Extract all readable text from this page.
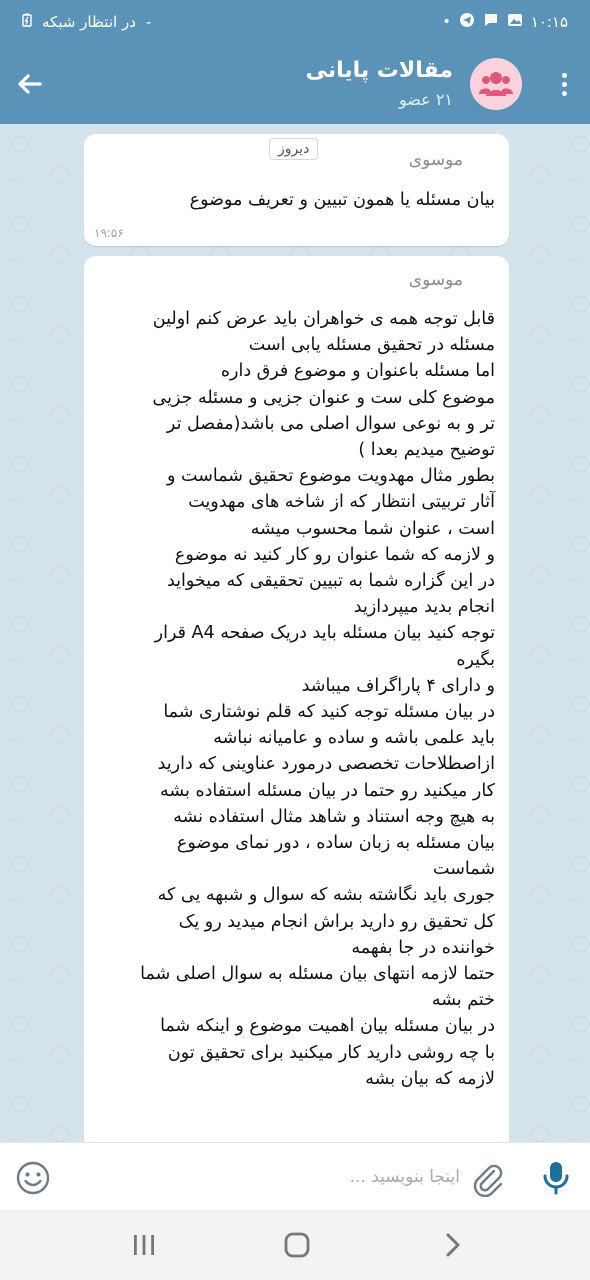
در انتظار شبکه -	۱۰:۱۵
•
مقالات پایانی
۲۱ عضو
دیروز
موسوی
بیان مسئله یا همون تبیین و تعریف موضوع
۱۹:۵۶
موسوی
قابل توجه همه ی خواهران باید عرض کنم اولین
مسئله در تحقیق مسئله یابی است
اما مسئله باعنوان و موضوع فرق داره
موضوع کلی ست و عنوان جزیی و مسئله جزیی
تر و به نوعی سوال اصلی می باشد(مفصل تر
توضیح میدیم بعدا )
بطور مثال مهدویت موضوع تحقیق شماست و
آثار تربیتی انتظار که از شاخه های مهدویت
است ، عنوان شما محسوب میشه
و لازمه که شما عنوان رو کار کنید نه موضوع
در این گزاره شما به تبیین تحقیقی که میخواید
انجام بدید میپردازید
توجه کنید بیان مسئله باید دریک صفحه A4 قرار
بگیره
و دارای ۴ پاراگراف میباشد
در بیان مسئله توجه کنید که قلم نوشتاری شما
باید علمی باشه و ساده و عامیانه نباشه
ازاصطلاحات تخصصی درمورد عناوینی که دارید
کار میکنید رو حتما در بیان مسئله استفاده بشه
به هیچ وجه استناد و شاهد مثال استفاده نشه
بیان مسئله به زبان ساده ، دور نمای موضوع
شماست
جوری باید نگاشته بشه که سوال و شبهه یی که
کل تحقیق رو دارید براش انجام میدید رو یک
خواننده در جا بفهمه
حتما لازمه انتهای بیان مسئله به سوال اصلی شما
ختم بشه
در بیان مسئله بیان اهمیت موضوع و اینکه شما
با چه روشی دارید کار میکنید برای تحقیق تون
لازمه که بیان بشه
اینجا بنویسید ...
